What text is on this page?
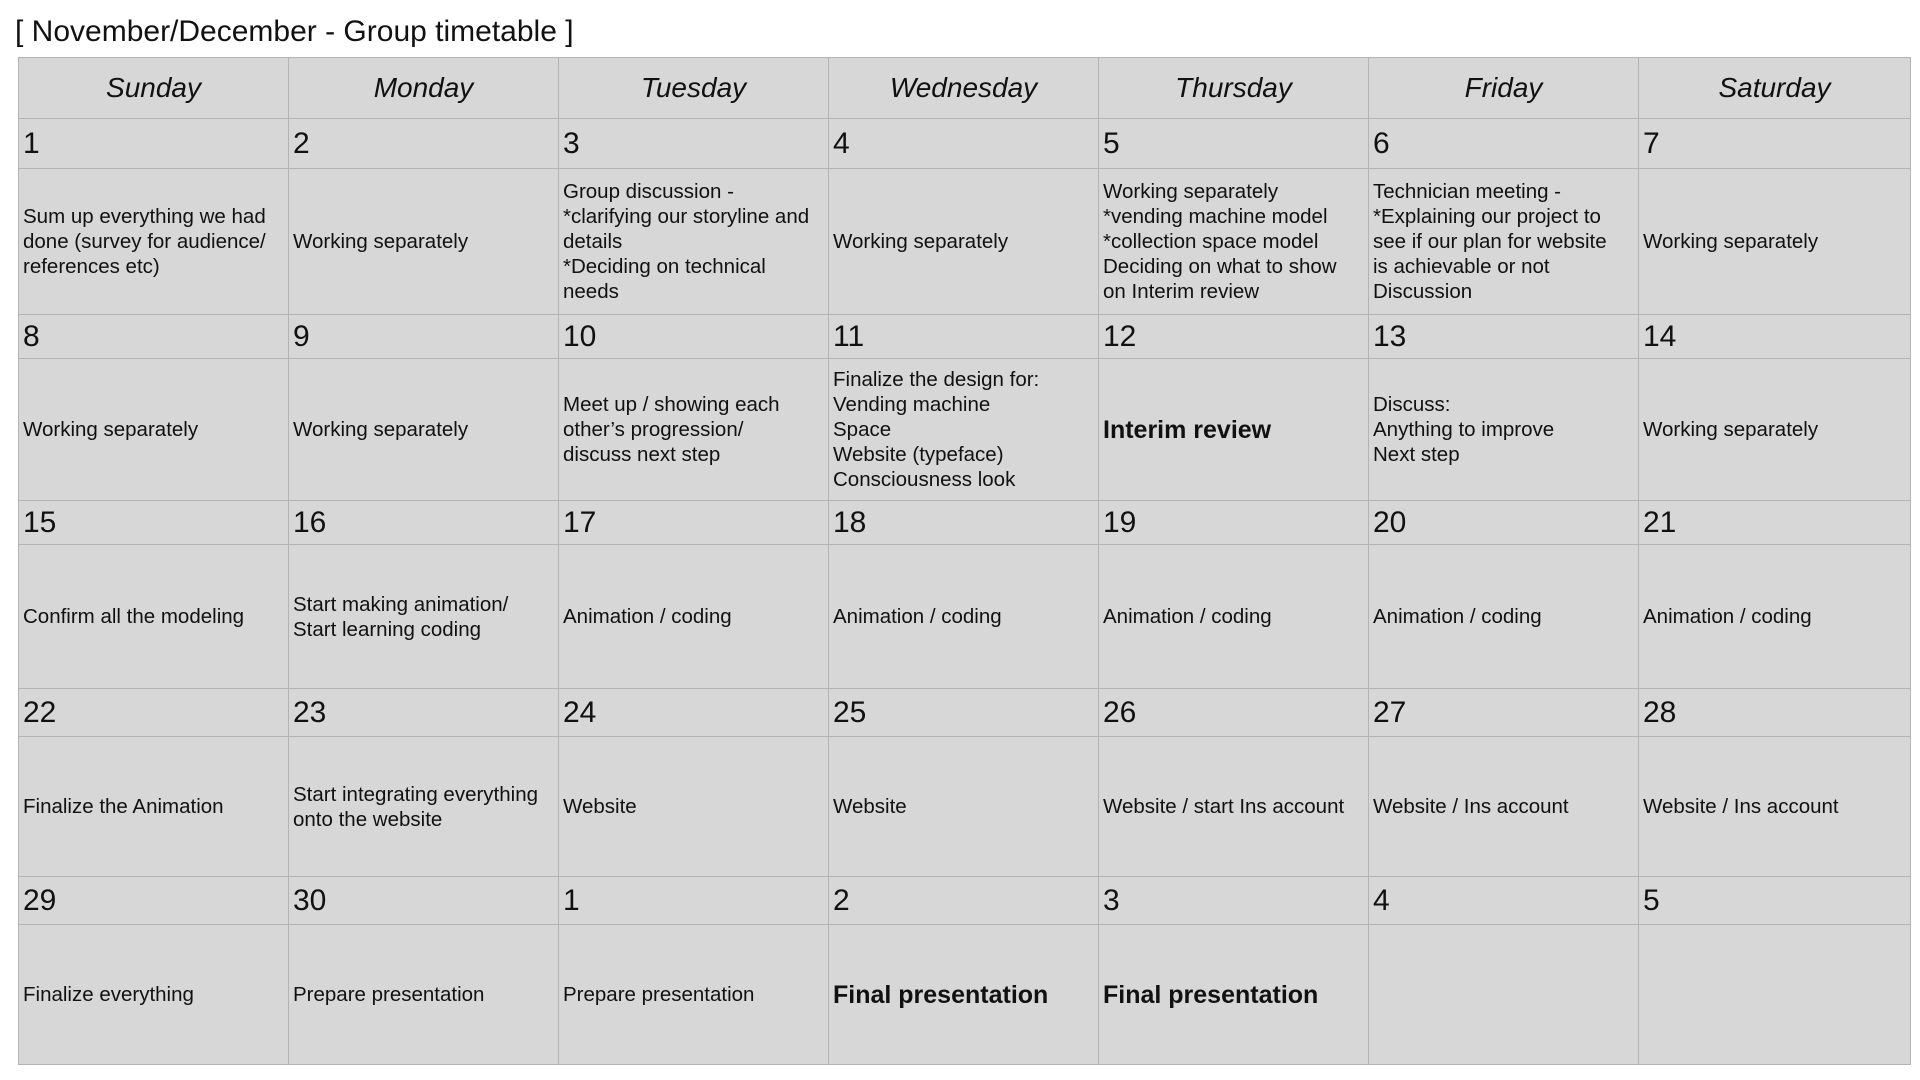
[ November/December - Group timetable ]
Sunday	Monday	Tuesday	Wednesday	Thursday	Friday	Saturday
1	2	3	4	5	6	7
Sum up everything we had
done (survey for audience/
references etc)	Working separately	Group discussion -
*clarifying our storyline and
details
*Deciding on technical
needs	Working separately	Working separately
*vending machine model
*collection space model
Deciding on what to show
on Interim review	Technician meeting -
*Explaining our project to
see if our plan for website
is achievable or not
Discussion	Working separately
8	9	10	11	12	13	14
Working separately	Working separately	Meet up / showing each
other’s progression/
discuss next step	Finalize the design for:
Vending machine
Space
Website (typeface)
Consciousness look	Interim review	Discuss:
Anything to improve
Next step	Working separately
15	16	17	18	19	20	21
Confirm all the modeling	Start making animation/
Start learning coding	Animation / coding	Animation / coding	Animation / coding	Animation / coding	Animation / coding
22	23	24	25	26	27	28
Finalize the Animation	Start integrating everything
onto the website	Website	Website	Website / start Ins account	Website / Ins account	Website / Ins account
29	30	1	2	3	4	5
Finalize everything	Prepare presentation	Prepare presentation	Final presentation	Final presentation		
